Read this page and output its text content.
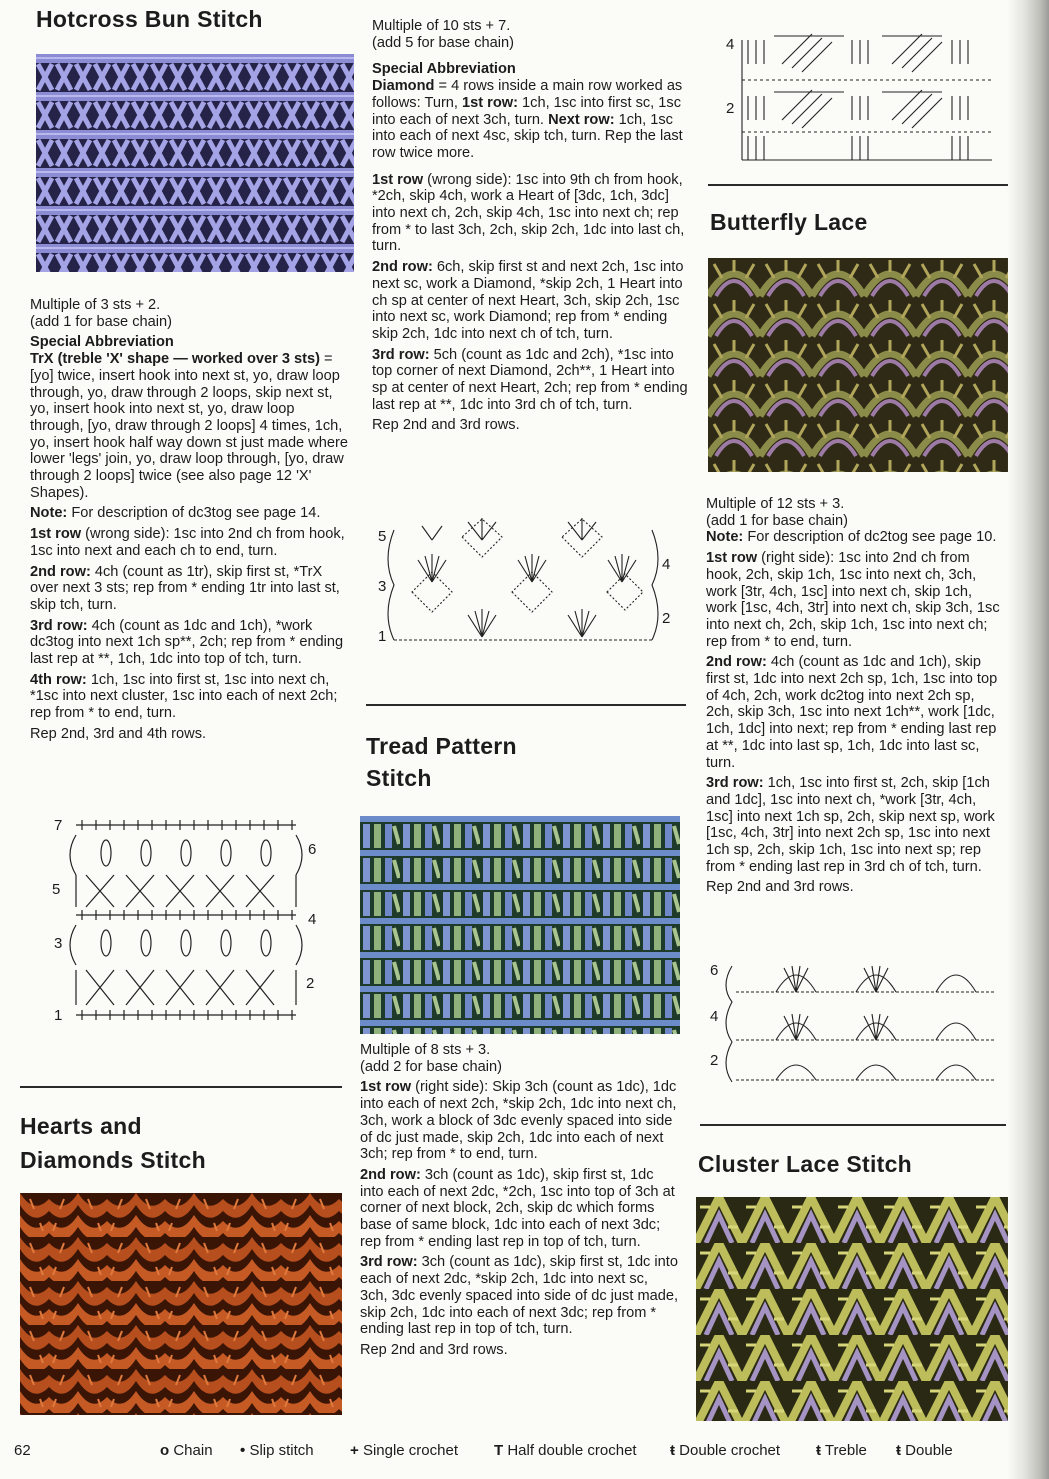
Hotcross Bun Stitch

Multiple of 3 sts + 2.

(add 1 for base chain)

Special Abbreviation

TrX (treble 'X' shape — worked over 3 sts) = [yo] twice, insert hook into next st, yo, draw loop through, yo, draw through 2 loops, skip next st, yo, insert hook into next st, yo, draw loop through, [yo, draw through 2 loops] 4 times, 1ch, yo, insert hook half way down st just made where lower 'legs' join, yo, draw loop through, [yo, draw through 2 loops] twice (see also page 12 'X' Shapes).

Note: For description of dc3tog see page 14.

1st row (wrong side): 1sc into 2nd ch from hook, 1sc into next and each ch to end, turn.

2nd row: 4ch (count as 1tr), skip first st, *TrX over next 3 sts; rep from * ending 1tr into last st, skip tch, turn.

3rd row: 4ch (count as 1dc and 1ch), *work dc3tog into next 1ch sp**, 2ch; rep from * ending last rep at **, 1ch, 1dc into top of tch, turn.

4th row: 1ch, 1sc into first st, 1sc into next ch, *1sc into next cluster, 1sc into each of next 2ch; rep from * to end, turn.

Rep 2nd, 3rd and 4th rows.

7
6
5
4
3
2
1
Hearts and
Diamonds Stitch

Multiple of 10 sts + 7.

(add 5 for base chain)

Special Abbreviation

Diamond = 4 rows inside a main row worked as follows: Turn, 1st row: 1ch, 1sc into first sc, 1sc into each of next 3ch, turn. Next row: 1ch, 1sc into each of next 4sc, skip tch, turn. Rep the last row twice more.

1st row (wrong side): 1sc into 9th ch from hook, *2ch, skip 4ch, work a Heart of [3dc, 1ch, 3dc] into next ch, 2ch, skip 4ch, 1sc into next ch; rep from * to last 3ch, 2ch, skip 2ch, 1dc into last ch, turn.

2nd row: 6ch, skip first st and next 2ch, 1sc into next sc, work a Diamond, *skip 2ch, 1 Heart into ch sp at center of next Heart, 3ch, skip 2ch, 1sc into next sc, work Diamond; rep from * ending skip 2ch, 1dc into next ch of tch, turn.

3rd row: 5ch (count as 1dc and 2ch), *1sc into top corner of next Diamond, 2ch**, 1 Heart into sp at center of next Heart, 2ch; rep from * ending last rep at **, 1dc into 3rd ch of tch, turn.

Rep 2nd and 3rd rows.

5
4
3
2
1
Tread Pattern
Stitch

Multiple of 8 sts + 3.

(add 2 for base chain)

1st row (right side): Skip 3ch (count as 1dc), 1dc into each of next 2ch, *skip 2ch, 1dc into next ch, 3ch, work a block of 3dc evenly spaced into side of dc just made, skip 2ch, 1dc into each of next 3ch; rep from * to end, turn.

2nd row: 3ch (count as 1dc), skip first st, 1dc into each of next 2dc, *2ch, 1sc into top of 3ch at corner of next block, 2ch, skip dc which forms base of same block, 1dc into each of next 3dc; rep from * ending last rep in top of tch, turn.

3rd row: 3ch (count as 1dc), skip first st, 1dc into each of next 2dc, *skip 2ch, 1dc into next sc, 3ch, 3dc evenly spaced into side of dc just made, skip 2ch, 1dc into each of next 3dc; rep from * ending last rep in top of tch, turn.

Rep 2nd and 3rd rows.

4
2
Butterfly Lace

Multiple of 12 sts + 3.

(add 1 for base chain)

Note: For description of dc2tog see page 10.

1st row (right side): 1sc into 2nd ch from hook, 2ch, skip 1ch, 1sc into next ch, 3ch, work [3tr, 4ch, 1sc] into next ch, skip 1ch, work [1sc, 4ch, 3tr] into next ch, skip 3ch, 1sc into next ch, 2ch, skip 1ch, 1sc into next ch; rep from * to end, turn.

2nd row: 4ch (count as 1dc and 1ch), skip first st, 1dc into next 2ch sp, 1ch, 1sc into top of 4ch, 2ch, work dc2tog into next 2ch sp, 2ch, skip 3ch, 1sc into next 1ch**, work [1dc, 1ch, 1dc] into next; rep from * ending last rep at **, 1dc into last sp, 1ch, 1dc into last sc, turn.

3rd row: 1ch, 1sc into first st, 2ch, skip [1ch and 1dc], 1sc into next ch, *work [3tr, 4ch, 1sc] into next 1ch sp, 2ch, skip next sp, work [1sc, 4ch, 3tr] into next 2ch sp, 1sc into next 1ch sp, 2ch, skip 1ch, 1sc into next sp; rep from * ending last rep in 3rd ch of tch, turn.

Rep 2nd and 3rd rows.

6
4
2
Cluster Lace Stitch
62	o Chain • Slip stitch + Single crochet T Half double crochet ŧ Double crochet ŧ Treble ŧ Double
